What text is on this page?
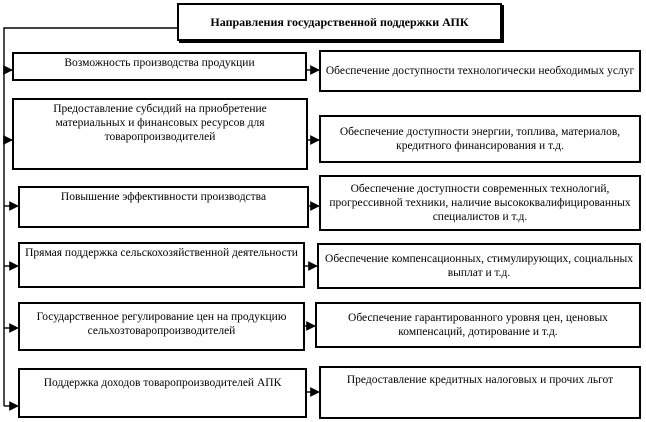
Направления государственной поддержки АПК
Возможность производства продукции
Предоставление субсидий на приобретение материальных и финансовых ресурсов для товаропроизводителей
Повышение эффективности производства
Прямая поддержка сельскохозяйственной деятельности
Государственное регулирование цен на продукцию сельхозтоваропроизводителей
Поддержка доходов товаропроизводителей АПК
Обеспечение доступности технологически необходимых услуг
Обеспечение доступности энергии, топлива, материалов, кредитного финансирования и т.д.
Обеспечение доступности современных технологий, прогрессивной техники, наличие высококвалифицированных специалистов и т.д.
Обеспечение компенсационных, стимулирующих, социальных выплат и т.д.
Обеспечение гарантированного уровня цен, ценовых компенсаций, дотирование и т.д.
Предоставление кредитных налоговых и прочих льгот
